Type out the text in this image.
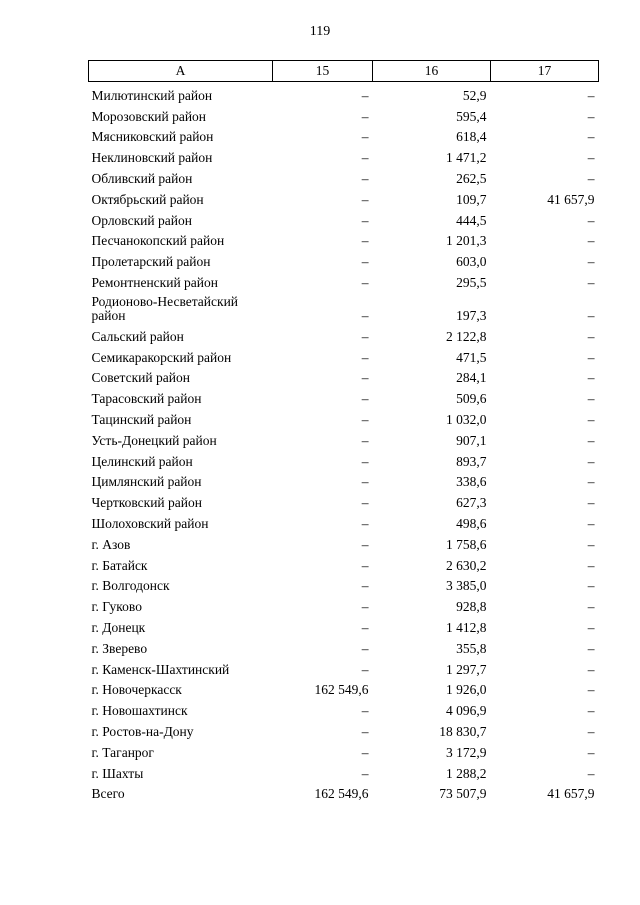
119
А	15	16	17
Милютинский район	–	52,9	–
Морозовский район	–	595,4	–
Мясниковский район	–	618,4	–
Неклиновский район	–	1 471,2	–
Обливский район	–	262,5	–
Октябрьский район	–	109,7	41 657,9
Орловский район	–	444,5	–
Песчанокопский район	–	1 201,3	–
Пролетарский район	–	603,0	–
Ремонтненский район	–	295,5	–
Родионово-Несветайский район	–	197,3	–
Сальский район	–	2 122,8	–
Семикаракорский район	–	471,5	–
Советский район	–	284,1	–
Тарасовский район	–	509,6	–
Тацинский район	–	1 032,0	–
Усть-Донецкий район	–	907,1	–
Целинский район	–	893,7	–
Цимлянский район	–	338,6	–
Чертковский район	–	627,3	–
Шолоховский район	–	498,6	–
г. Азов	–	1 758,6	–
г. Батайск	–	2 630,2	–
г. Волгодонск	–	3 385,0	–
г. Гуково	–	928,8	–
г. Донецк	–	1 412,8	–
г. Зверево	–	355,8	–
г. Каменск-Шахтинский	–	1 297,7	–
г. Новочеркасск	162 549,6	1 926,0	–
г. Новошахтинск	–	4 096,9	–
г. Ростов-на-Дону	–	18 830,7	–
г. Таганрог	–	3 172,9	–
г. Шахты	–	1 288,2	–
Всего	162 549,6	73 507,9	41 657,9
